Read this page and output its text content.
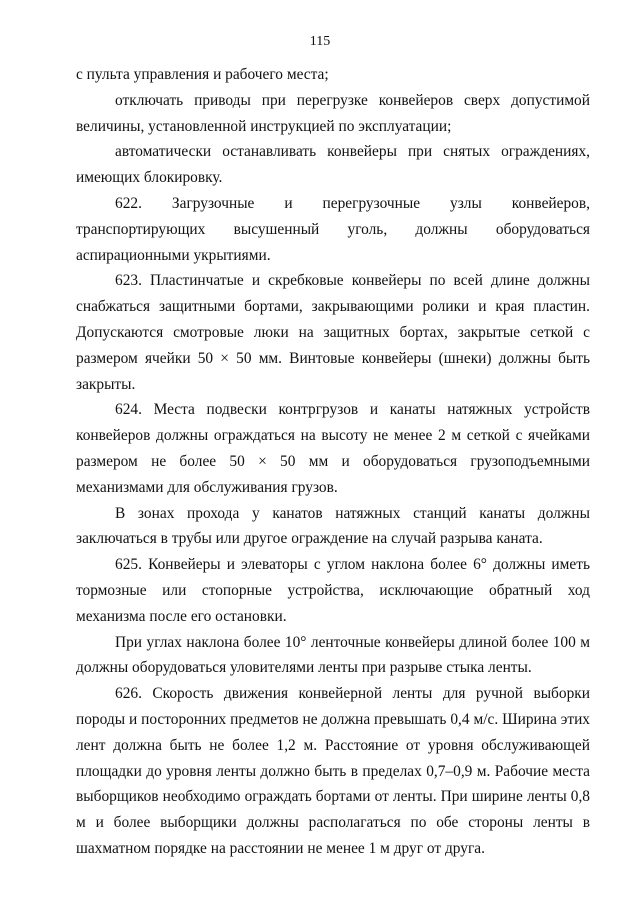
115

с пульта управления и рабочего места;

отключать приводы при перегрузке конвейеров сверх допустимой величины, установленной инструкцией по эксплуатации;

автоматически останавливать конвейеры при снятых ограждениях, имеющих блокировку.

622. Загрузочные и перегрузочные узлы конвейеров, транспортирующих высушенный уголь, должны оборудоваться аспирационными укрытиями.

623. Пластинчатые и скребковые конвейеры по всей длине должны снабжаться защитными бортами, закрывающими ролики и края пластин. Допускаются смотровые люки на защитных бортах, закрытые сеткой с размером ячейки 50 × 50 мм. Винтовые конвейеры (шнеки) должны быть закрыты.

624. Места подвески контргрузов и канаты натяжных устройств конвейеров должны ограждаться на высоту не менее 2 м сеткой с ячейками размером не более 50 × 50 мм и оборудоваться грузоподъемными механизмами для обслуживания грузов.

В зонах прохода у канатов натяжных станций канаты должны заключаться в трубы или другое ограждение на случай разрыва каната.

625. Конвейеры и элеваторы с углом наклона более 6° должны иметь тормозные или стопорные устройства, исключающие обратный ход механизма после его остановки.

При углах наклона более 10° ленточные конвейеры длиной более 100 м должны оборудоваться уловителями ленты при разрыве стыка ленты.

626. Скорость движения конвейерной ленты для ручной выборки породы и посторонних предметов не должна превышать 0,4 м/с. Ширина этих лент должна быть не более 1,2 м. Расстояние от уровня обслуживающей площадки до уровня ленты должно быть в пределах 0,7–0,9 м. Рабочие места выборщиков необходимо ограждать бортами от ленты. При ширине ленты 0,8 м и более выборщики должны располагаться по обе стороны ленты в шахматном порядке на расстоянии не менее 1 м друг от друга.
